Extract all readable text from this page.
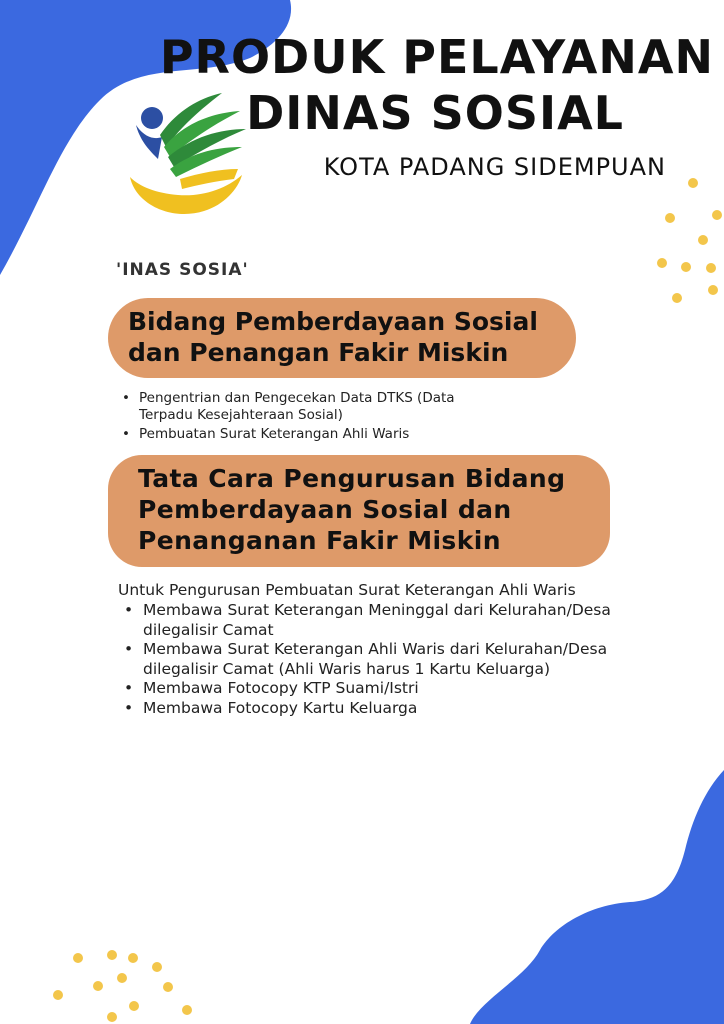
'INAS SOSIA'
PRODUK PELAYANAN
DINAS SOSIAL
KOTA PADANG SIDEMPUAN
Bidang Pemberdayaan Sosial
dan Penangan Fakir Miskin
• Pengentrian dan Pengecekan Data DTKS (Data Terpadu Kesejahteraan Sosial)
• Pembuatan Surat Keterangan Ahli Waris
Tata Cara Pengurusan Bidang
Pemberdayaan Sosial dan
Penanganan Fakir Miskin
Untuk Pengurusan Pembuatan Surat Keterangan Ahli Waris
• Membawa Surat Keterangan Meninggal dari Kelurahan/Desa dilegalisir Camat
• Membawa Surat Keterangan Ahli Waris dari Kelurahan/Desa dilegalisir Camat (Ahli Waris harus 1 Kartu Keluarga)
• Membawa Fotocopy KTP Suami/Istri
• Membawa Fotocopy Kartu Keluarga
